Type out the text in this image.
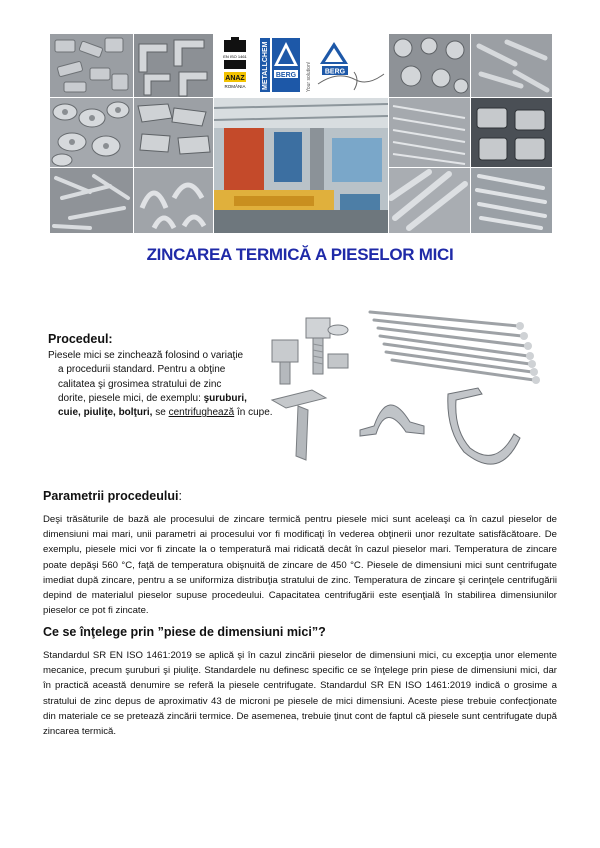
EN ISO 1461
ANAZ
ROMÂNIA METALLCHEM BERG Your solution! BERG
ZINCAREA TERMICĂ A PIESELOR MICI
Procedeul:
Piesele mici se zinchează folosind o variaţie
a procedurii standard. Pentru a obţine
calitatea şi grosimea stratului de zinc
dorite, piesele mici, de exemplu: şuruburi,
cuie, piuliţe, bolţuri, se centrifughează în cupe.
Parametrii procedeului:
Deşi trăsăturile de bază ale procesului de zincare termică pentru piesele mici sunt aceleaşi ca în cazul pieselor de dimensiuni mai mari, unii parametri ai procesului vor fi modificaţi în vederea obţinerii unor rezultate satisfăcătoare. De exemplu, piesele mici vor fi zincate la o temperatură mai ridicată decât în cazul pieselor mari. Temperatura de zincare poate depăşi 560 °C, faţă de temperatura obişnuită de zincare de 450 °C. Piesele de dimensiuni mici sunt centrifugate imediat după zincare, pentru a se uniformiza distribuţia stratului de zinc. Temperatura de zincare şi cerinţele centrifugării depind de materialul pieselor supuse procedeului. Capacitatea centrifugării este esenţială în stabilirea dimensiunilor pieselor ce pot fi zincate.
Ce se înţelege prin ”piese de dimensiuni mici”?
Standardul SR EN ISO 1461:2019 se aplică şi în cazul zincării pieselor de dimensiuni mici, cu excepţia unor elemente mecanice, precum şuruburi şi piuliţe. Standardele nu definesc specific ce se înţelege prin piese de dimensiuni mici, dar în practică această denumire se referă la piesele centrifugate. Standardul SR EN ISO 1461:2019 indică o grosime a stratului de zinc depus de aproximativ 43 de microni pe piesele de mici dimensiuni. Aceste piese trebuie confecţionate din materiale ce se pretează zincării termice. De asemenea, trebuie ţinut cont de faptul că piesele sunt centrifugate după zincarea termică.
